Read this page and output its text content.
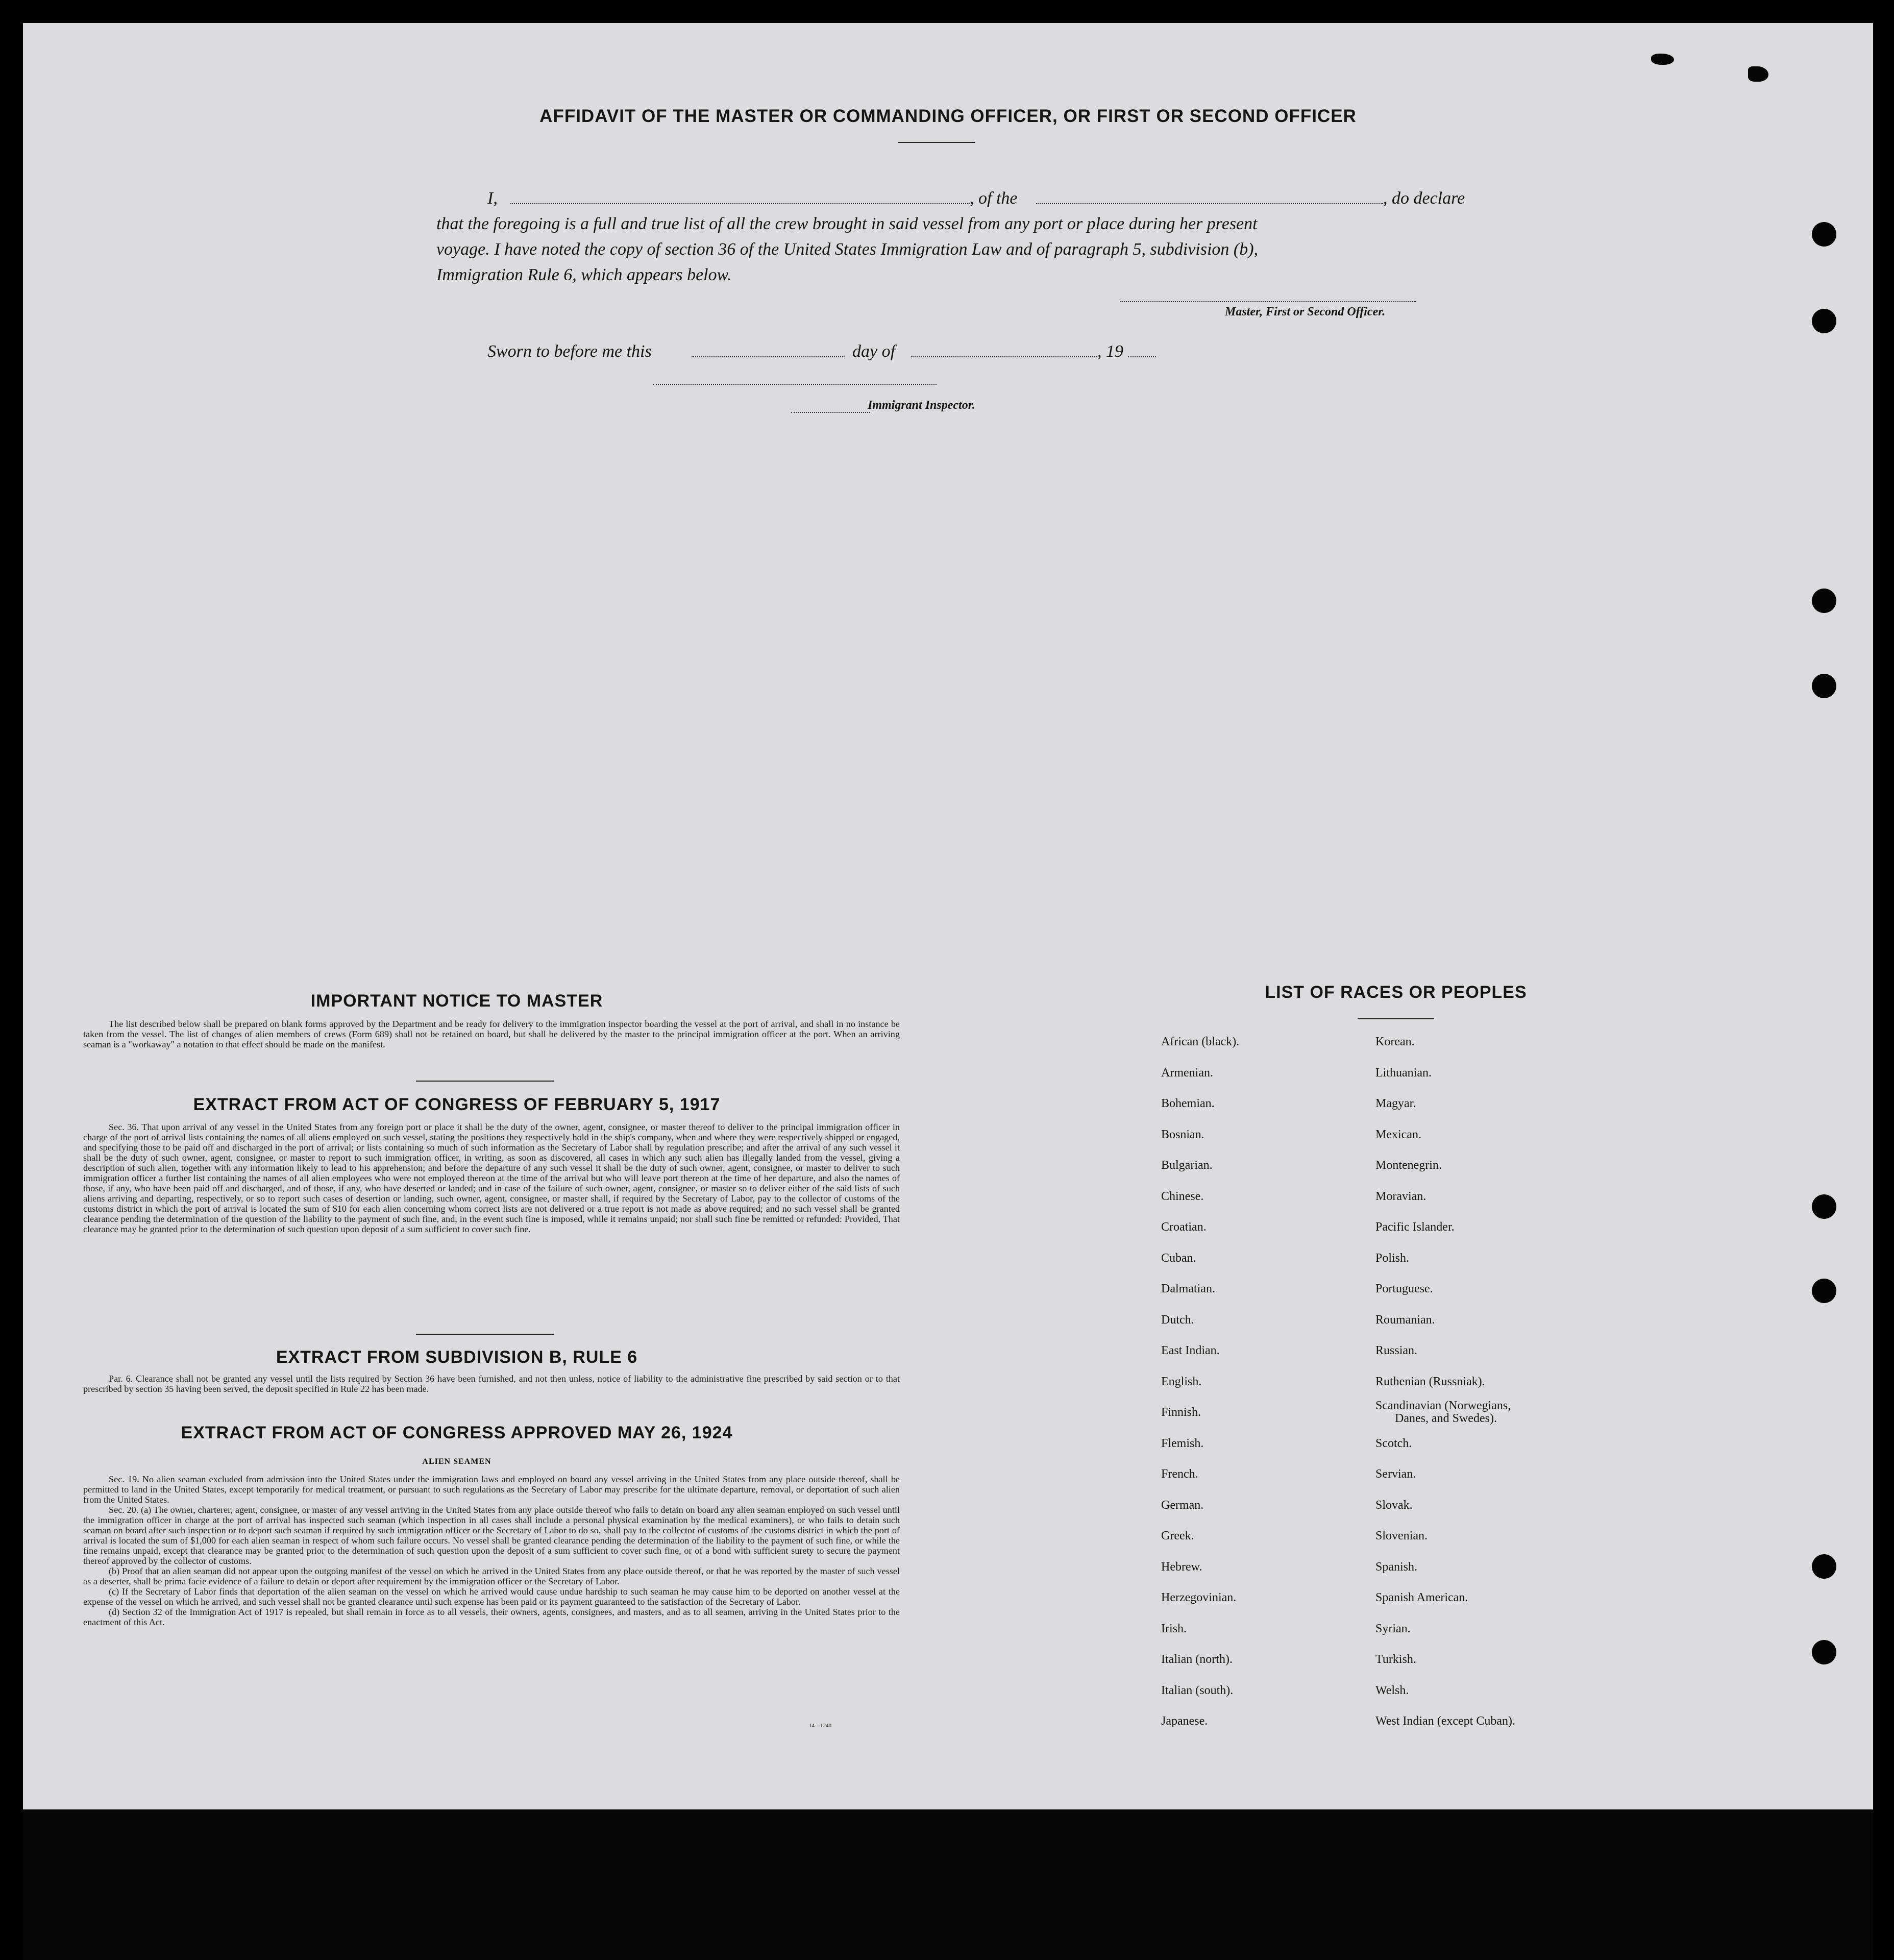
AFFIDAVIT OF THE MASTER OR COMMANDING OFFICER, OR FIRST OR SECOND OFFICER
I,	, of the	, do declare
that the foregoing is a full and true list of all the crew brought in said vessel from any port or place during her present
voyage. I have noted the copy of section 36 of the United States Immigration Law and of paragraph 5, subdivision (b),
Immigration Rule 6, which appears below.
Master, First or Second Officer.
Sworn to before me this	day of	, 19
Immigrant Inspector.
IMPORTANT NOTICE TO MASTER

The list described below shall be prepared on blank forms approved by the Department and be ready for delivery to the immigration inspector boarding the vessel at the port of arrival, and shall in no instance be taken from the vessel. The list of changes of alien members of crews (Form 689) shall not be retained on board, but shall be delivered by the master to the principal immigration officer at the port. When an arriving seaman is a "workaway" a notation to that effect should be made on the manifest.

EXTRACT FROM ACT OF CONGRESS OF FEBRUARY 5, 1917

Sec. 36. That upon arrival of any vessel in the United States from any foreign port or place it shall be the duty of the owner, agent, consignee, or master thereof to deliver to the principal immigration officer in charge of the port of arrival lists containing the names of all aliens employed on such vessel, stating the positions they respectively hold in the ship's company, when and where they were respectively shipped or engaged, and specifying those to be paid off and discharged in the port of arrival; or lists containing so much of such information as the Secretary of Labor shall by regulation prescribe; and after the arrival of any such vessel it shall be the duty of such owner, agent, consignee, or master to report to such immigration officer, in writing, as soon as discovered, all cases in which any such alien has illegally landed from the vessel, giving a description of such alien, together with any information likely to lead to his apprehension; and before the departure of any such vessel it shall be the duty of such owner, agent, consignee, or master to deliver to such immigration officer a further list containing the names of all alien employees who were not employed thereon at the time of the arrival but who will leave port thereon at the time of her departure, and also the names of those, if any, who have been paid off and discharged, and of those, if any, who have deserted or landed; and in case of the failure of such owner, agent, consignee, or master so to deliver either of the said lists of such aliens arriving and departing, respectively, or so to report such cases of desertion or landing, such owner, agent, consignee, or master shall, if required by the Secretary of Labor, pay to the collector of customs of the customs district in which the port of arrival is located the sum of $10 for each alien concerning whom correct lists are not delivered or a true report is not made as above required; and no such vessel shall be granted clearance pending the determination of the question of the liability to the payment of such fine, and, in the event such fine is imposed, while it remains unpaid; nor shall such fine be remitted or refunded: Provided, That clearance may be granted prior to the determination of such question upon deposit of a sum sufficient to cover such fine.

EXTRACT FROM SUBDIVISION B, RULE 6

Par. 6. Clearance shall not be granted any vessel until the lists required by Section 36 have been furnished, and not then unless, notice of liability to the administrative fine prescribed by said section or to that prescribed by section 35 having been served, the deposit specified in Rule 22 has been made.

EXTRACT FROM ACT OF CONGRESS APPROVED MAY 26, 1924
ALIEN SEAMEN

Sec. 19. No alien seaman excluded from admission into the United States under the immigration laws and employed on board any vessel arriving in the United States from any place outside thereof, shall be permitted to land in the United States, except temporarily for medical treatment, or pursuant to such regulations as the Secretary of Labor may prescribe for the ultimate departure, removal, or deportation of such alien from the United States.

Sec. 20. (a) The owner, charterer, agent, consignee, or master of any vessel arriving in the United States from any place outside thereof who fails to detain on board any alien seaman employed on such vessel until the immigration officer in charge at the port of arrival has inspected such seaman (which inspection in all cases shall include a personal physical examination by the medical examiners), or who fails to detain such seaman on board after such inspection or to deport such seaman if required by such immigration officer or the Secretary of Labor to do so, shall pay to the collector of customs of the customs district in which the port of arrival is located the sum of $1,000 for each alien seaman in respect of whom such failure occurs. No vessel shall be granted clearance pending the determination of the liability to the payment of such fine, or while the fine remains unpaid, except that clearance may be granted prior to the determination of such question upon the deposit of a sum sufficient to cover such fine, or of a bond with sufficient surety to secure the payment thereof approved by the collector of customs.

(b) Proof that an alien seaman did not appear upon the outgoing manifest of the vessel on which he arrived in the United States from any place outside thereof, or that he was reported by the master of such vessel as a deserter, shall be prima facie evidence of a failure to detain or deport after requirement by the immigration officer or the Secretary of Labor.

(c) If the Secretary of Labor finds that deportation of the alien seaman on the vessel on which he arrived would cause undue hardship to such seaman he may cause him to be deported on another vessel at the expense of the vessel on which he arrived, and such vessel shall not be granted clearance until such expense has been paid or its payment guaranteed to the satisfaction of the Secretary of Labor.

(d) Section 32 of the Immigration Act of 1917 is repealed, but shall remain in force as to all vessels, their owners, agents, consignees, and masters, and as to all seamen, arriving in the United States prior to the enactment of this Act.

14—1240
LIST OF RACES OR PEOPLES
African (black).
Armenian.
Bohemian.
Bosnian.
Bulgarian.
Chinese.
Croatian.
Cuban.
Dalmatian.
Dutch.
East Indian.
English.
Finnish.
Flemish.
French.
German.
Greek.
Hebrew.
Herzegovinian.
Irish.
Italian (north).
Italian (south).
Japanese.
Korean.
Lithuanian.
Magyar.
Mexican.
Montenegrin.
Moravian.
Pacific Islander.
Polish.
Portuguese.
Roumanian.
Russian.
Ruthenian (Russniak).
Scandinavian (Norwegians,
Danes, and Swedes).
Scotch.
Servian.
Slovak.
Slovenian.
Spanish.
Spanish American.
Syrian.
Turkish.
Welsh.
West Indian (except Cuban).
